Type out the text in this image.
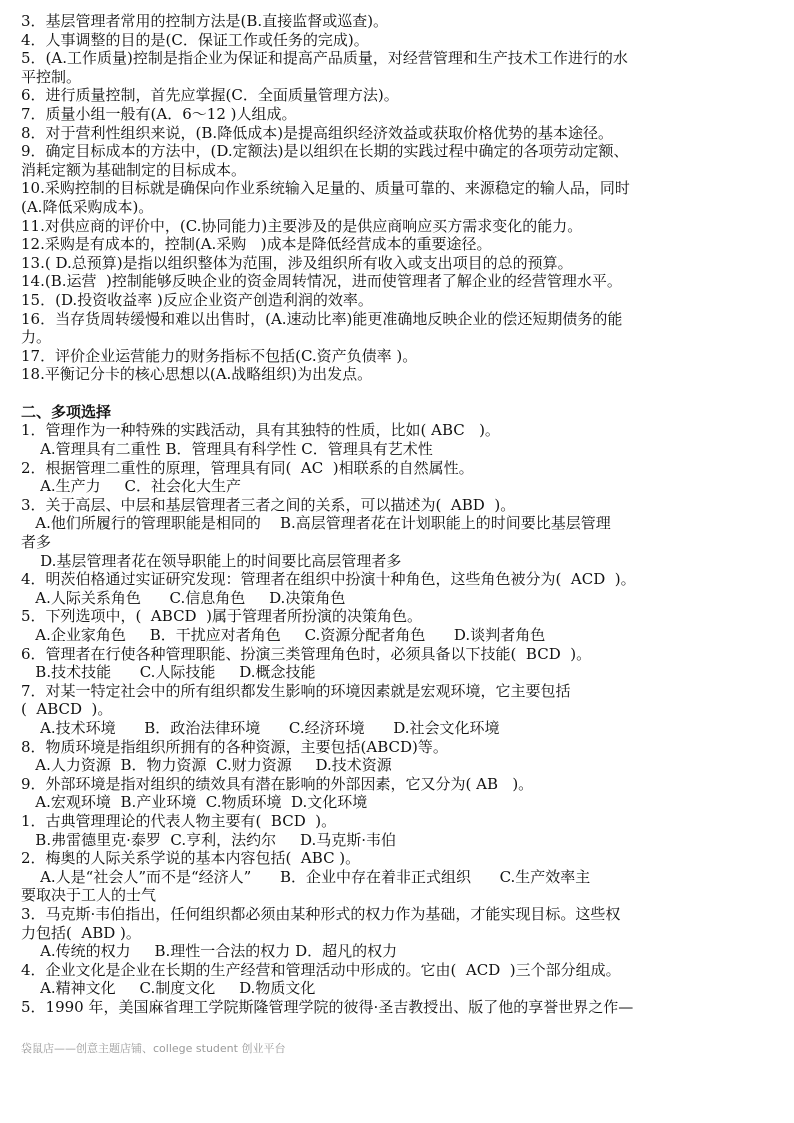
3．基层管理者常用的控制方法是(B.直接监督或巡查)。
4．人事调整的目的是(C．保证工作或任务的完成)。
5．(A.工作质量)控制是指企业为保证和提高产品质量，对经营管理和生产技术工作进行的水
平控制。
6．进行质量控制，首先应掌握(C．全面质量管理方法)。
7．质量小组一般有(A．6～12 )人组成。
8．对于营利性组织来说，(B.降低成本)是提高组织经济效益或获取价格优势的基本途径。
9．确定目标成本的方法中，(D.定额法)是以组织在长期的实践过程中确定的各项劳动定额、
消耗定额为基础制定的目标成本。
10.采购控制的目标就是确保向作业系统输入足量的、质量可靠的、来源稳定的输人品，同时
(A.降低采购成本)。
11.对供应商的评价中，(C.协同能力)主要涉及的是供应商响应买方需求变化的能力。
12.采购是有成本的，控制(A.采购   )成本是降低经营成本的重要途径。
13.( D.总预算)是指以组织整体为范围，涉及组织所有收入或支出项目的总的预算。
14.(B.运营  )控制能够反映企业的资金周转情况，进而使管理者了解企业的经营管理水平。
15．(D.投资收益率 )反应企业资产创造利润的效率。
16．当存货周转缓慢和难以出售时，(A.速动比率)能更准确地反映企业的偿还短期债务的能
力。
17．评价企业运营能力的财务指标不包括(C.资产负债率 )。
18.平衡记分卡的核心思想以(A.战略组织)为出发点。
二、多项选择
1．管理作为一种特殊的实践活动，具有其独特的性质，比如( ABC   )。
A.管理具有二重性 B．管理具有科学性 C．管理具有艺术性
2．根据管理二重性的原理，管理具有同(  AC  )相联系的自然属性。
A.生产力     C．社会化大生产
3．关于高层、中层和基层管理者三者之间的关系，可以描述为(  ABD  )。
A.他们所履行的管理职能是相同的    B.高层管理者花在计划职能上的时间要比基层管理
者多
D.基层管理者花在领导职能上的时间要比高层管理者多
4．明茨伯格通过实证研究发现：管理者在组织中扮演十种角色，这些角色被分为(  ACD  )。
A.人际关系角色      C.信息角色     D.决策角色
5．下列选项中，(  ABCD  )属于管理者所扮演的决策角色。
A.企业家角色     B．干扰应对者角色     C.资源分配者角色      D.谈判者角色
6．管理者在行使各种管理职能、扮演三类管理角色时，必须具备以下技能(  BCD  )。
B.技术技能      C.人际技能     D.概念技能
7．对某一特定社会中的所有组织都发生影响的环境因素就是宏观环境，它主要包括
(  ABCD  )。
A.技术环境      B．政治法律环境      C.经济环境      D.社会文化环境
8．物质环境是指组织所拥有的各种资源，主要包括(ABCD)等。
A.人力资源  B．物力资源  C.财力资源     D.技术资源
9．外部环境是指对组织的绩效具有潜在影响的外部因素，它又分为( AB   )。
A.宏观环境  B.产业环境  C.物质环境  D.文化环境
1．古典管理理论的代表人物主要有(  BCD  )。
B.弗雷德里克·泰罗  C.亨利，法约尔     D.马克斯·韦伯
2．梅奥的人际关系学说的基本内容包括(  ABC )。
A.人是“社会人”而不是“经济人”      B．企业中存在着非正式组织      C.生产效率主
要取决于工人的士气
3．马克斯·韦伯指出，任何组织都必须由某种形式的权力作为基础，才能实现目标。这些权
力包括(  ABD )。
A.传统的权力     B.理性一合法的权力 D．超凡的权力
4．企业文化是企业在长期的生产经营和管理活动中形成的。它由(  ACD  )三个部分组成。
A.精神文化     C.制度文化     D.物质文化
5．1990 年，美国麻省理工学院斯隆管理学院的彼得·圣吉教授出、版了他的享誉世界之作—
袋鼠店——创意主题店铺、college student 创业平台
